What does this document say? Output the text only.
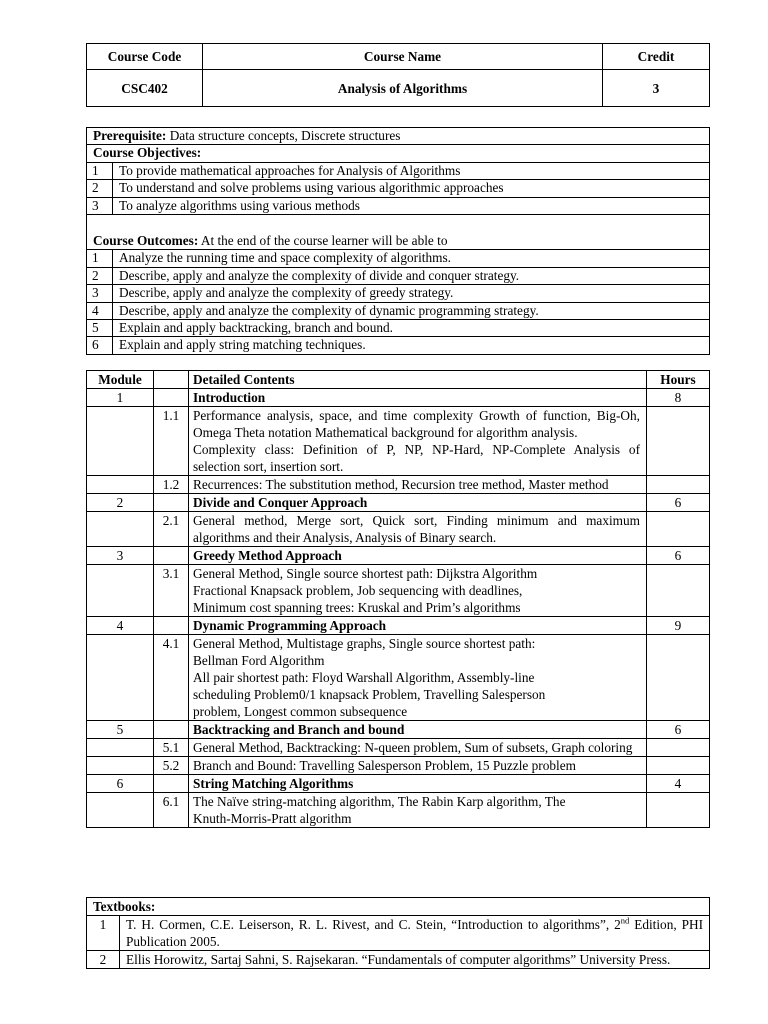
Course Code	Course Name	Credit
CSC402	Analysis of Algorithms	3
Prerequisite: Data structure concepts, Discrete structures	
Course Objectives:	
1	To provide mathematical approaches for Analysis of Algorithms
2	To understand and solve problems using various algorithmic approaches
3	To analyze algorithms using various methods

Course Outcomes: At the end of the course learner will be able to	
1	Analyze the running time and space complexity of algorithms.
2	Describe, apply and analyze the complexity of divide and conquer strategy.
3	Describe, apply and analyze the complexity of greedy strategy.
4	Describe, apply and analyze the complexity of dynamic programming strategy.
5	Explain and apply backtracking, branch and bound.
6	Explain and apply string matching techniques.
Module		Detailed Contents	Hours
1		Introduction	8
	1.1	Performance analysis, space, and time complexity Growth of function, Big-Oh, Omega Theta notation Mathematical background for algorithm analysis.

Complexity class: Definition of P, NP, NP-Hard, NP-Complete Analysis of selection sort, insertion sort.	

	1.2	Recurrences: The substitution method, Recursion tree method, Master method	

2		Divide and Conquer Approach	6
	2.1	General method, Merge sort, Quick sort, Finding minimum and maximum algorithms and their Analysis, Analysis of Binary search.	

3		Greedy Method Approach	6
	3.1	General Method, Single source shortest path: Dijkstra Algorithm

Fractional Knapsack problem, Job sequencing with deadlines,

Minimum cost spanning trees: Kruskal and Prim’s algorithms	

4		Dynamic Programming Approach	9
	4.1	General Method, Multistage graphs, Single source shortest path:

Bellman Ford Algorithm

All pair shortest path: Floyd Warshall Algorithm, Assembly-line

scheduling Problem0/1 knapsack Problem, Travelling Salesperson

problem, Longest common subsequence	

5		Backtracking and Branch and bound	6
	5.1	General Method, Backtracking: N-queen problem, Sum of subsets, Graph coloring	

	5.2	Branch and Bound: Travelling Salesperson Problem, 15 Puzzle problem	

6		String Matching Algorithms	4
	6.1	The Naïve string-matching algorithm, The Rabin Karp algorithm, The

Knuth-Morris-Pratt algorithm	

Textbooks:	
1	T. H. Cormen, C.E. Leiserson, R. L. Rivest, and C. Stein, “Introduction to algorithms”, 2nd Edition, PHI Publication 2005.
2	Ellis Horowitz, Sartaj Sahni, S. Rajsekaran. “Fundamentals of computer algorithms” University Press.
